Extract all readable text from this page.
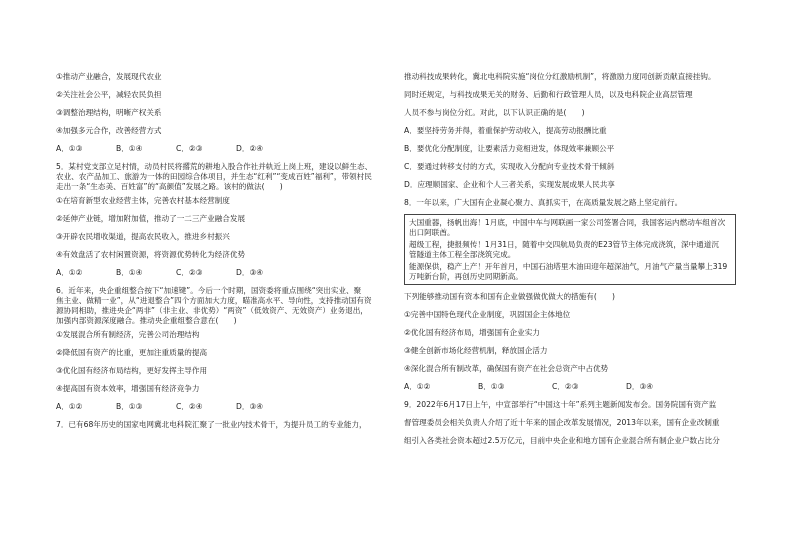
①推动产业融合，发展现代农业
②关注社会公平，减轻农民负担
③调整治理结构，明晰产权关系
④加强多元合作，改善经营方式
A．①③	B．①④	C．②③	D．②④
5．某村党支部立足村情，动员村民将撂荒的耕地入股合作社并轨近上岗上班，建设以鲜生态、
农业、农产品加工、旅游为一体的田园综合体项目，并生态“红利”“变成百姓”福利”，带领村民
走出一条“生态美、百姓富”的“高颜值”发展之路。该村的做法(　　)
①在培育新型农业经营主体，完善农村基本经营制度
②延伸产业链，增加附加值，推动了一二三产业融合发展
③开辟农民增收渠道，提高农民收入，推进乡村振兴
④有效盘活了农村闲置资源，将资源优势转化为经济优势
A．①②	B．①④	C．②③	D．③④
6．近年来，央企重组整合按下“加速键”。今后一个时期，国资委将重点围绕“突出实业、聚
焦主业、做精一业”，从“进退整合”四个方面加大力度，瞄准高水平、导向性，支持推动国有资
源协同相助，推进央企“两非”（非主业、非优势）“两资”（低效资产、无效资产）业务退出，
加强内部资源深度融合。推动央企重组整合意在(　　)
①发展混合所有制经济，完善公司治理结构
②降低国有资产的比重，更加注重质量的提高
③优化国有经济布局结构，更好发挥主导作用
④提高国有资本效率，增强国有经济竞争力
A．①②	B．①③	C．②④	D．③④
7．已有68年历史的国家电网冀北电科院汇聚了一批业内技术骨干，为提升员工的专业能力，
推动科技成果转化，冀北电科院实施“岗位分红激励机制”，将激励力度同创新贡献直接挂钩。
同时还规定，与科技成果无关的财务、后勤和行政管理人员，以及电科院企业高层管理
人员不参与岗位分红。对此，以下认识正确的是(　　)
A．要坚持劳务并得，着重保护劳动收入，提高劳动报酬比重
B．要优化分配制度，让要素活力竞相迸发，体现效率兼顾公平
C．要通过转移支付的方式，实现收入分配向专业技术骨干倾斜
D．应理顺国家、企业和个人三者关系，实现发展成果人民共享
8．一年以来，广大国有企业凝心聚力、真抓实干，在高质量发展之路上坚定前行。
大国重器，扬帆出海！1月底，中国中车与网联画一家公司签署合同，我国客运内燃动车组首次
出口阿联酋。
超级工程，捷报频传！1月31日，随着中交四航局负责的E23管节主体完成浇筑，深中通道沉
管隧道主体工程全部浇筑完成。
能源保供，稳产上产！开年首月，中国石油塔里木油田迎年超深油气，月油气产量当量攀上319
万吨新台阶，再创历史同期新高。
下列能够推动国有资本和国有企业做强做优做大的措施有(　　)
①完善中国特色现代企业制度，巩固国企主体地位
②优化国有经济布局，增强国有企业实力
③健全创新市场化经营机制，释放国企活力
④深化混合所有制改革，确保国有资产在社会总资产中占优势
A．①②	B．①③	C．②③	D．③④
9．2022年6月17日上午，中宣部举行“中国这十年”系列主题新闻发布会。国务院国有资产监
督管理委员会相关负责人介绍了近十年来的国企改革发展情况，2013年以来，国有企业改制重
组引入各类社会资本超过2.5万亿元，目前中央企业和地方国有企业混合所有制企业户数占比分
